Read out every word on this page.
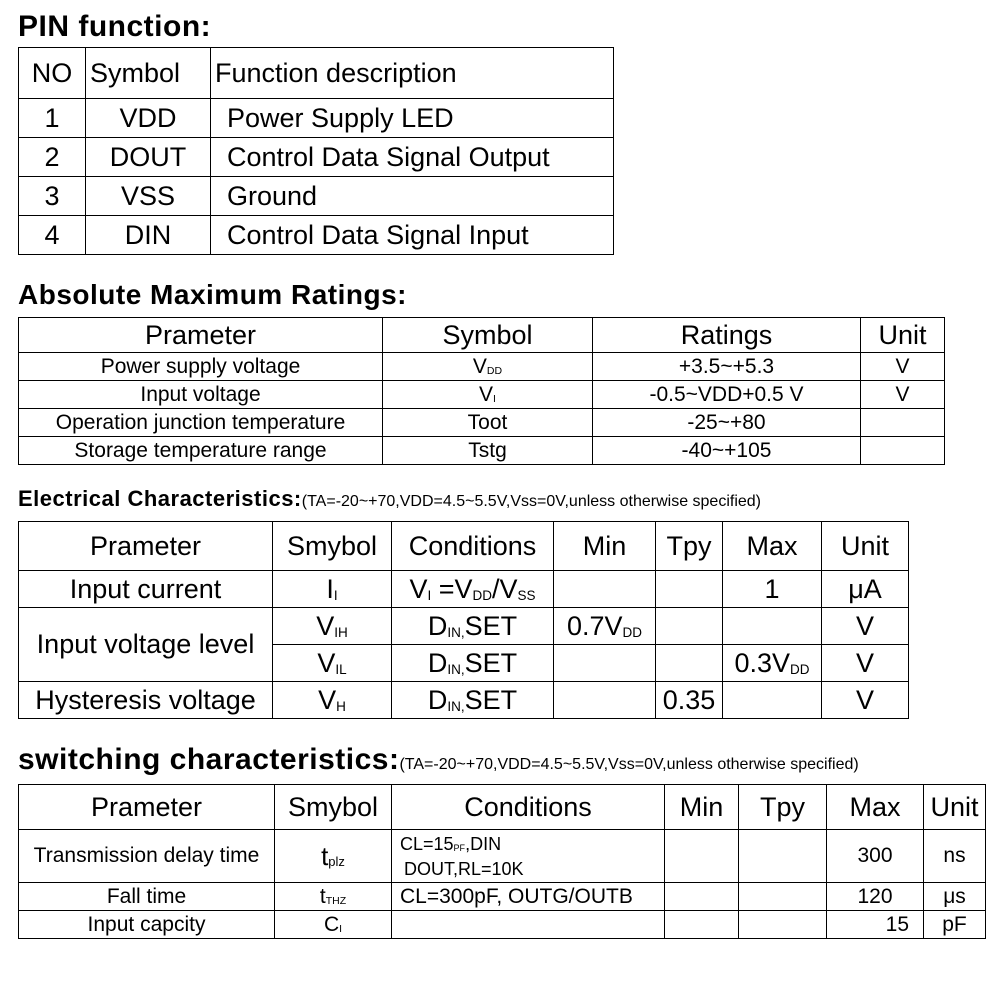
PIN function:
NO	Symbol	Function description
1	VDD	Power Supply LED
2	DOUT	Control Data Signal Output
3	VSS	Ground
4	DIN	Control Data Signal Input
Absolute Maximum Ratings:
Prameter	Symbol	Ratings	Unit
Power supply voltage	VDD	+3.5~+5.3	V
Input voltage	VI	-0.5~VDD+0.5 V	V
Operation junction temperature	Toot	-25~+80	
Storage temperature range	Tstg	-40~+105	
Electrical Characteristics:(TA=-20~+70,VDD=4.5~5.5V,Vss=0V,unless otherwise specified)
Prameter	Smybol	Conditions	Min	Tpy	Max	Unit
Input current	II	VI =VDD/VSS			1	μA
Input voltage level	VIH	DIN,SET	0.7VDD			V
	VIL	DIN,SET			0.3VDD	V
Hysteresis voltage	VH	DIN,SET		0.35		V
switching characteristics:(TA=-20~+70,VDD=4.5~5.5V,Vss=0V,unless otherwise specified)
Prameter	Smybol	Conditions	Min	Tpy	Max	Unit
Transmission delay time	tplz	CL=15PF,DIN
DOUT,RL=10K			300	ns
Fall time	tTHZ	CL=300pF, OUTG/OUTB			120	μs
Input capcity	CI				15	pF
